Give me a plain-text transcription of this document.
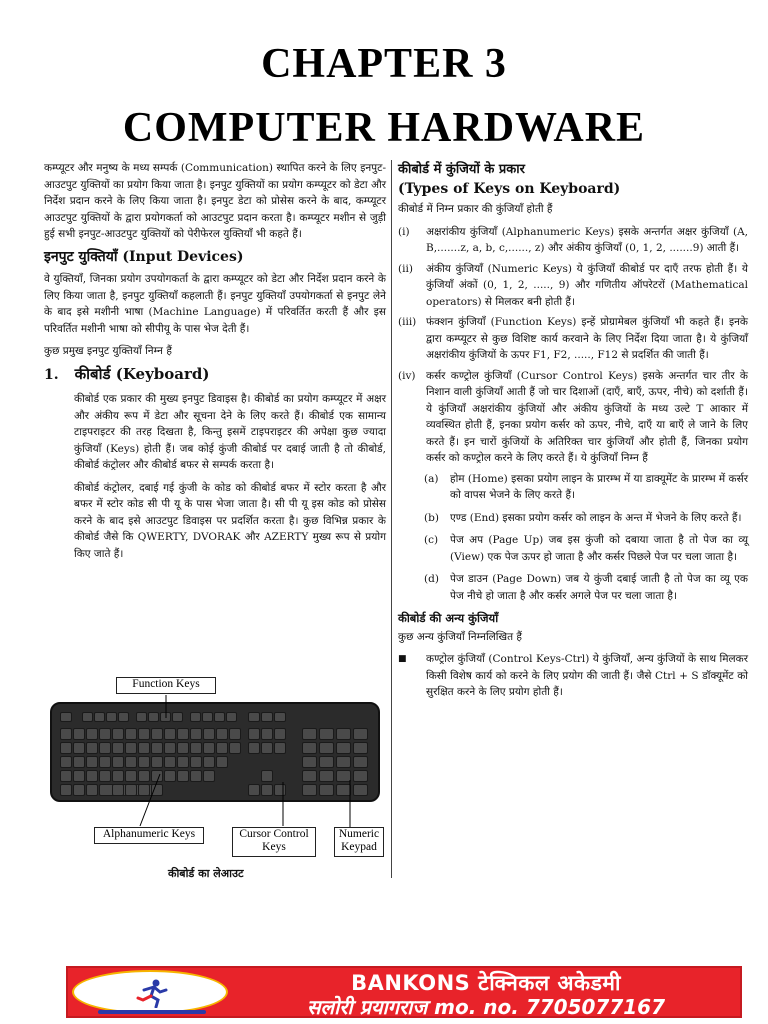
CHAPTER 3
COMPUTER HARDWARE

कम्प्यूटर और मनुष्य के मध्य सम्पर्क (Communication) स्थापित करने के लिए इनपुट-आउटपुट युक्तियों का प्रयोग किया जाता है। इनपुट युक्तियों का प्रयोग कम्प्यूटर को डेटा और निर्देश प्रदान करने के लिए किया जाता है। इनपुट डेटा को प्रोसेस करने के बाद, कम्प्यूटर आउटपुट युक्तियों के द्वारा प्रयोगकर्ता को आउटपुट प्रदान करता है। कम्प्यूटर मशीन से जुड़ी हुई सभी इनपुट-आउटपुट युक्तियों को पेरीफेरल युक्तियाँ भी कहते हैं।

इनपुट युक्तियाँ (Input Devices)

वे युक्तियाँ, जिनका प्रयोग उपयोगकर्ता के द्वारा कम्प्यूटर को डेटा और निर्देश प्रदान करने के लिए किया जाता है, इनपुट युक्तियाँ कहलाती हैं। इनपुट युक्तियाँ उपयोगकर्ता से इनपुट लेने के बाद इसे मशीनी भाषा (Machine Language) में परिवर्तित करती हैं और इस परिवर्तित मशीनी भाषा को सीपीयू के पास भेज देती हैं।

कुछ प्रमुख इनपुट युक्तियाँ निम्न हैं

1. कीबोर्ड (Keyboard)

कीबोर्ड एक प्रकार की मुख्य इनपुट डिवाइस है। कीबोर्ड का प्रयोग कम्प्यूटर में अक्षर और अंकीय रूप में डेटा और सूचना देने के लिए करते हैं। कीबोर्ड एक सामान्य टाइपराइटर की तरह दिखता है, किन्तु इसमें टाइपराइटर की अपेक्षा कुछ ज्यादा कुंजियाँ (Keys) होती हैं। जब कोई कुंजी कीबोर्ड पर दबाई जाती है तो कीबोर्ड, कीबोर्ड कंट्रोलर और कीबोर्ड बफर से सम्पर्क करता है।

कीबोर्ड कंट्रोलर, दबाई गई कुंजी के कोड को कीबोर्ड बफर में स्टोर करता है और बफर में स्टोर कोड सी पी यू के पास भेजा जाता है। सी पी यू इस कोड को प्रोसेस करने के बाद इसे आउटपुट डिवाइस पर प्रदर्शित करता है। कुछ विभिन्न प्रकार के कीबोर्ड जैसे कि QWERTY, DVORAK और AZERTY मुख्य रूप से प्रयोग किए जाते हैं।

Function Keys
Alphanumeric Keys	Cursor Control Keys
Numeric Keypad
कीबोर्ड का लेआउट
कीबोर्ड में कुंजियों के प्रकार
(Types of Keys on Keyboard)

कीबोर्ड में निम्न प्रकार की कुंजियाँ होती हैं

(i)	अक्षरांकीय कुंजियाँ (Alphanumeric Keys) इसके अन्तर्गत अक्षर कुंजियाँ (A, B,.......z, a, b, c,......, z) और अंकीय कुंजियाँ (0, 1, 2, .......9) आती हैं।
(ii)	अंकीय कुंजियाँ (Numeric Keys) ये कुंजियाँ कीबोर्ड पर दाएँ तरफ होती हैं। ये कुंजियाँ अंकों (0, 1, 2, ....., 9) और गणितीय ऑपरेटरों (Mathematical operators) से मिलकर बनी होती हैं।
(iii) फंक्शन कुंजियाँ (Function Keys) इन्हें प्रोग्रामेबल कुंजियाँ भी कहते हैं। इनके द्वारा कम्प्यूटर से कुछ विशिष्ट कार्य करवाने के लिए निर्देश दिया जाता है। ये कुंजियाँ अक्षरांकीय कुंजियों के ऊपर F1, F2, ....., F12 से प्रदर्शित की जाती हैं।
(iv)	कर्सर कण्ट्रोल कुंजियाँ (Cursor Control Keys) इसके अन्तर्गत चार तीर के निशान वाली कुंजियाँ आती हैं जो चार दिशाओं (दाएँ, बाएँ, ऊपर, नीचे) को दर्शाती हैं। ये कुंजियाँ अक्षरांकीय कुंजियों और अंकीय कुंजियों के मध्य उल्टे T आकार में व्यवस्थित होती हैं, इनका प्रयोग कर्सर को ऊपर, नीचे, दाएँ या बाएँ ले जाने के लिए करते हैं। इन चारों कुंजियों के अतिरिक्त चार कुंजियाँ और होती हैं, जिनका प्रयोग कर्सर को कण्ट्रोल करने के लिए करते हैं। ये कुंजियाँ निम्न हैं
(a)	होम (Home) इसका प्रयोग लाइन के प्रारम्भ में या डाक्यूमेंट के प्रारम्भ में कर्सर को वापस भेजने के लिए करते हैं।
(b)	एण्ड (End) इसका प्रयोग कर्सर को लाइन के अन्त में भेजने के लिए करते हैं।
(c)	पेज अप (Page Up) जब इस कुंजी को दबाया जाता है तो पेज का व्यू (View) एक पेज ऊपर हो जाता है और कर्सर पिछले पेज पर चला जाता है।
(d)	पेज डाउन (Page Down) जब ये कुंजी दबाई जाती है तो पेज का व्यू एक पेज नीचे हो जाता है और कर्सर अगले पेज पर चला जाता है।
कीबोर्ड की अन्य कुंजियाँ

कुछ अन्य कुंजियाँ निम्नलिखित हैं

■	कण्ट्रोल कुंजियाँ (Control Keys-Ctrl) ये कुंजियाँ, अन्य कुंजियों के साथ मिलकर किसी विशेष कार्य को करने के लिए प्रयोग की जाती हैं। जैसे Ctrl + S डॉक्यूमेंट को सुरक्षित करने के लिए प्रयोग होती हैं।
BANKONS टेक्निकल अकेडमी
सलोरी प्रयागराज mo. no. 7705077167
